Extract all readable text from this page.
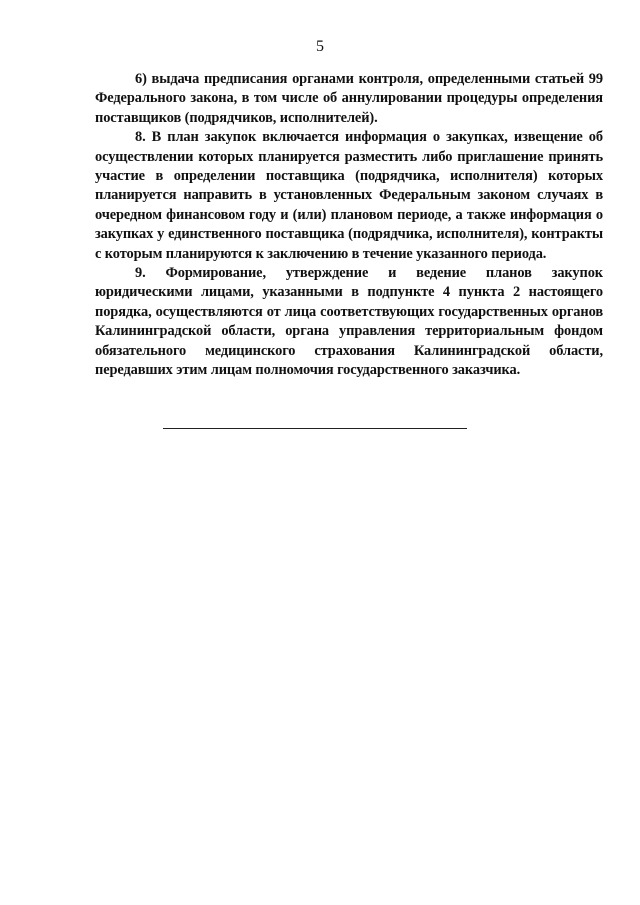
5

6) выдача предписания органами контроля, определенными статьей 99 Федерального закона, в том числе об аннулировании процедуры определения поставщиков (подрядчиков, исполнителей).

8. В план закупок включается информация о закупках, извещение об осуществлении которых планируется разместить либо приглашение принять участие в определении поставщика (подрядчика, исполнителя) которых планируется направить в установленных Федеральным законом случаях в очередном финансовом году и (или) плановом периоде, а также информация о закупках у единственного поставщика (подрядчика, исполнителя), контракты с которым планируются к заключению в течение указанного периода.

9. Формирование, утверждение и ведение планов закупок юридическими лицами, указанными в подпункте 4 пункта 2 настоящего порядка, осуществляются от лица соответствующих государственных органов Калининградской области, органа управления территориальным фондом обязательного медицинского страхования Калининградской области, передавших этим лицам полномочия государственного заказчика.
